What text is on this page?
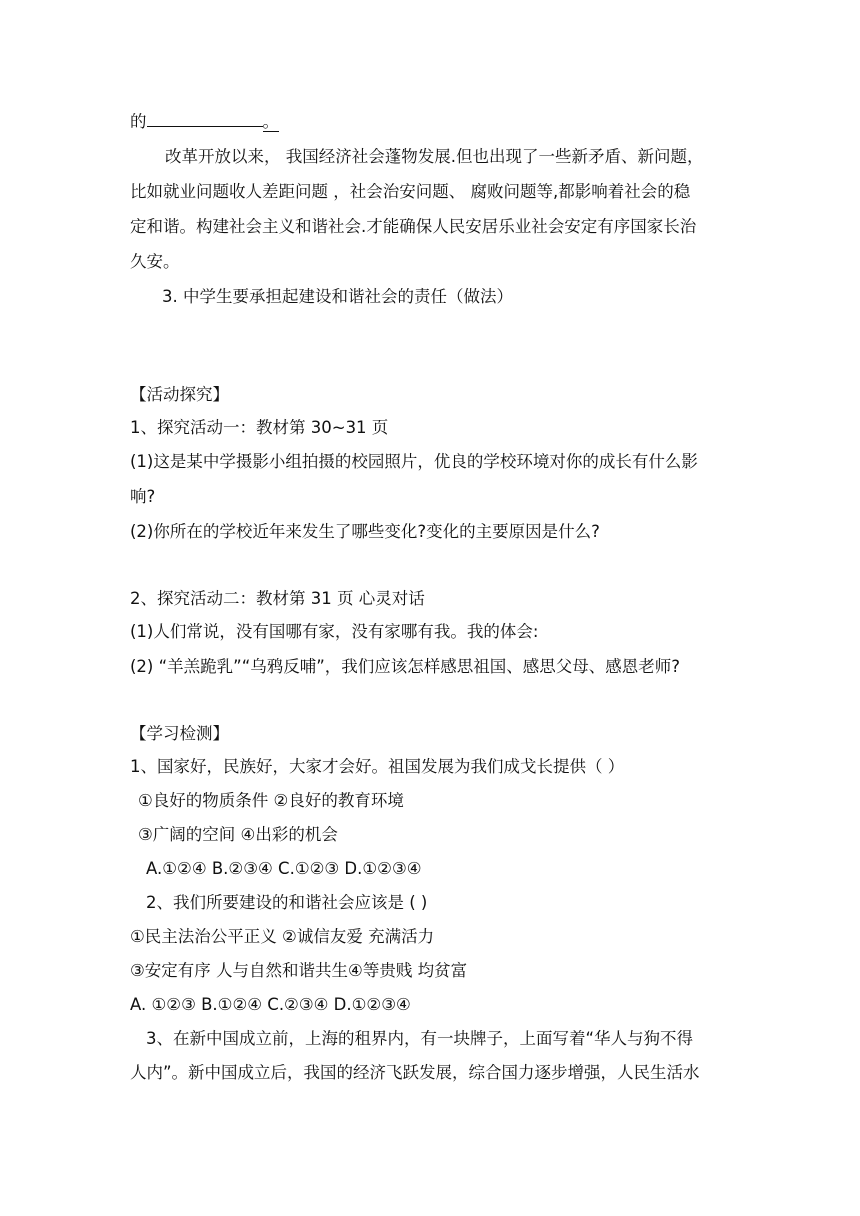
的	。
改革开放以来， 我国经济社会蓬物发展.但也出现了一些新矛盾、新问题，
比如就业问题收人差距问题 ，社会治安问题、 腐败问题等,都影响着社会的稳
定和谐。构建社会主义和谐社会.才能确保人民安居乐业社会安定有序国家长治
久安。
3. 中学生要承担起建设和谐社会的责任（做法）
【活动探究】
1、探究活动一：教材第 30~31 页
(1)这是某中学摄影小组拍摄的校园照片，优良的学校环境对你的成长有什么影
响?
(2)你所在的学校近年来发生了哪些变化?变化的主要原因是什么?
2、探究活动二：教材第 31 页 心灵对话
(1)人们常说，没有国哪有家，没有家哪有我。我的体会:
(2) “羊羔跪乳”“乌鸦反哺”，我们应该怎样感思祖国、感思父母、感恩老师?
【学习检测】
1、国家好，民族好，大家才会好。祖国发展为我们成戈长提供（ ）
①良好的物质条件 ②良好的教育环境
③广阔的空间 ④出彩的机会
A.①②④ B.②③④ C.①②③ D.①②③④
2、我们所要建设的和谐社会应该是 ( )
①民主法治公平正义 ②诚信友爱 充满活力
③安定有序 人与自然和谐共生④等贵贱 均贫富
A. ①②③ B.①②④ C.②③④ D.①②③④
3、在新中国成立前，上海的租界内，有一块牌子，上面写着“华人与狗不得
人内”。新中国成立后，我国的经济飞跃发展，综合国力逐步增强，人民生活水
